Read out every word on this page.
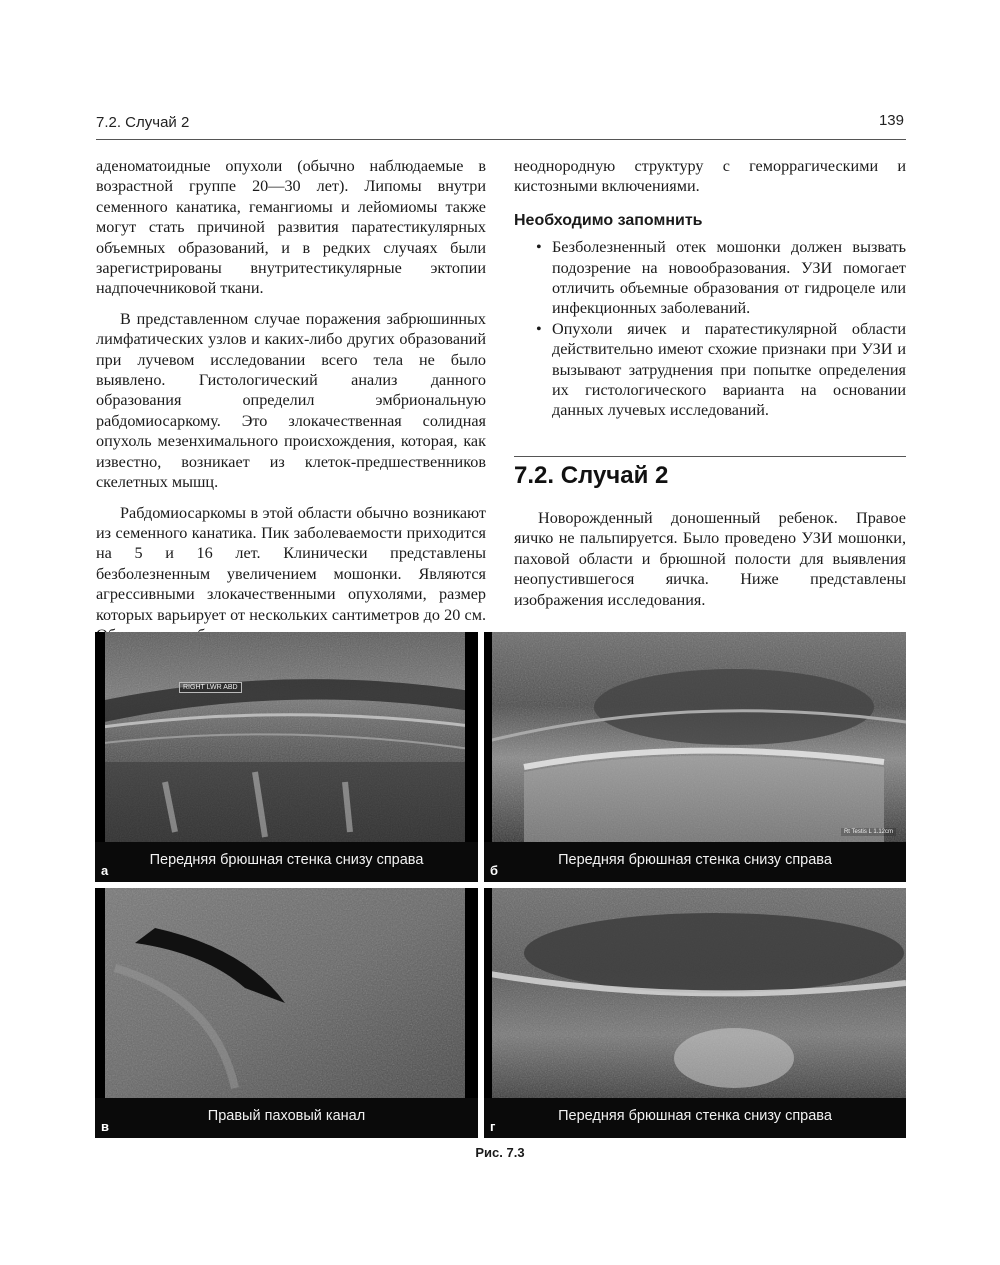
7.2. Случай 2	139

аденоматоидные опухоли (обычно наблюдаемые в возрастной группе 20—30 лет). Липомы внутри семенного канатика, гемангиомы и лейомиомы также могут стать причиной развития паратестикулярных объемных образований, и в редких случаях были зарегистрированы внутритестикулярные эктопии надпочечниковой ткани.

В представленном случае поражения забрюшинных лимфатических узлов и каких-либо других образований при лучевом исследовании всего тела не было выявлено. Гистологический анализ данного образования определил эмбриональную рабдомиосаркому. Это злокачественная солидная опухоль мезенхимального происхождения, которая, как известно, возникает из клеток-предшественников скелетных мышц.

Рабдомиосаркомы в этой области обычно возникают из семенного канатика. Пик заболеваемости приходится на 5 и 16 лет. Клинически представлены безболезненным увеличением мошонки. Являются агрессивными злокачественными опухолями, размер которых варьирует от нескольких сантиметров до 20 см.

неоднородную структуру с геморрагическими и кистозными включениями.

Необходимо запомнить
• Безболезненный отек мошонки должен вызвать подозрение на новообразования. УЗИ помогает отличить объемные образования от гидроцеле или инфекционных заболеваний.
• Опухоли яичек и паратестикулярной области действительно имеют схожие признаки при УЗИ и вызывают затруднения при попытке определения их гистологического варианта на основании данных лучевых исследований.
7.2. Случай 2
Новорожденный доношенный ребенок. Правое яичко не пальпируется. Было проведено УЗИ мошонки, паховой области и брюшной полости для выявления неопустившегося яичка. Ниже представлены изображения исследования.
RIGHT LWR ABD
Передняя брюшная стенка снизу справа
а
Rt Testis L 1.12cm
Передняя брюшная стенка снизу справа
б
Правый паховый канал
в
Передняя брюшная стенка снизу справа
г
Рис. 7.3
